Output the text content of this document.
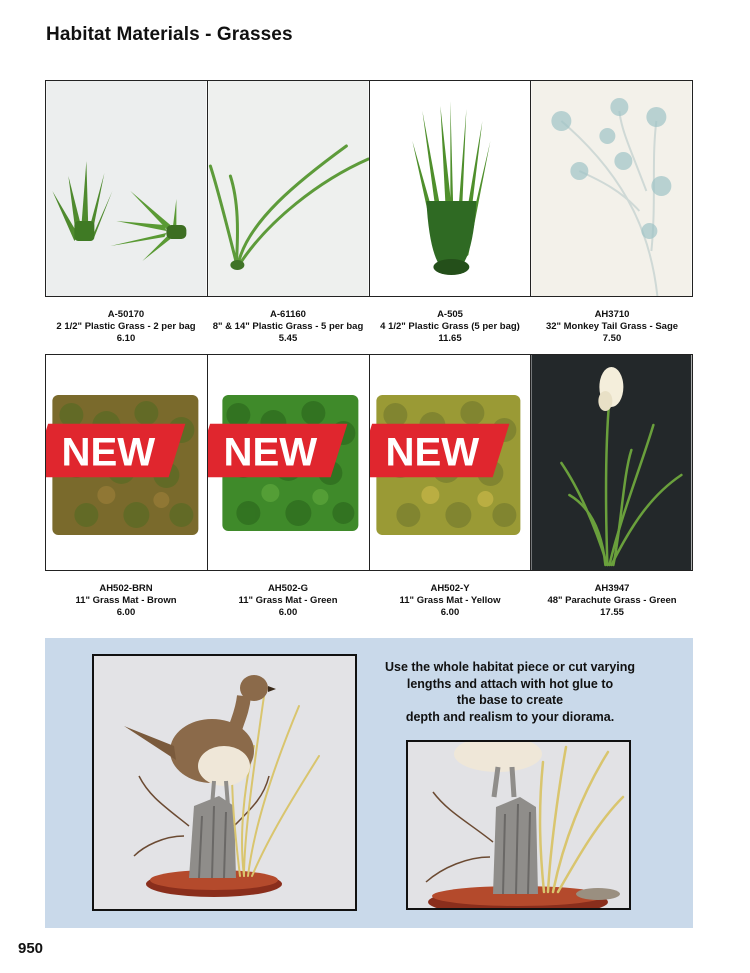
Habitat Materials - Grasses
A-50170
2 1/2" Plastic Grass - 2 per bag
6.10
A-61160
8" & 14" Plastic Grass - 5 per bag
5.45
A-505
4 1/2" Plastic Grass (5 per bag)
11.65
AH3710
32" Monkey Tail Grass - Sage
7.50
NEW	NEW	NEW
AH502-BRN
11" Grass Mat - Brown
6.00
AH502-G
11" Grass Mat - Green
6.00
AH502-Y
11" Grass Mat - Yellow
6.00
AH3947
48" Parachute Grass - Green
17.55
Use the whole habitat piece or cut varying
lengths and attach with hot glue to
the base to create
depth and realism to your diorama.
950
